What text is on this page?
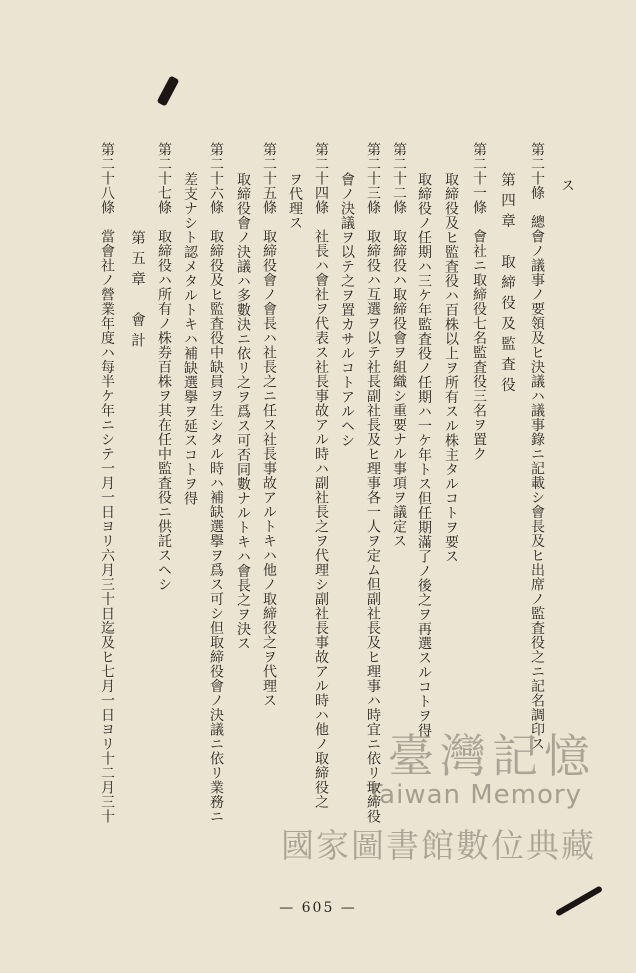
ス
第二十條　總會ノ議事ノ要領及ヒ決議ハ議事錄ニ記載シ會長及ヒ出席ノ監査役之ニ記名調印ス
第四章　取締役及監査役
第二十一條　會社ニ取締役七名監査役三名ヲ置ク
取締役及ヒ監査役ハ百株以上ヲ所有スル株主タルコトヲ要ス
取締役ノ任期ハ三ケ年監査役ノ任期ハ一ケ年トス但任期滿了ノ後之ヲ再選スルコトヲ得
第二十二條　取締役ハ取締役會ヲ組織シ重要ナル事項ヲ議定ス
第二十三條　取締役ハ互選ヲ以テ社長副社長及ヒ理事各一人ヲ定ム但副社長及ヒ理事ハ時宜ニ依リ取締役
會ノ決議ヲ以テ之ヲ置カサルコトアルヘシ
第二十四條　社長ハ會社ヲ代表ス社長事故アル時ハ副社長之ヲ代理シ副社長事故アル時ハ他ノ取締役之
ヲ代理ス
第二十五條　取締役會ノ會長ハ社長之ニ任ス社長事故アルトキハ他ノ取締役之ヲ代理ス
取締役會ノ決議ハ多數決ニ依リ之ヲ爲ス可否同數ナルトキハ會長之ヲ決ス
第二十六條　取締役及ヒ監査役中缺員ヲ生シタル時ハ補缺選擧ヲ爲ス可シ但取締役會ノ決議ニ依リ業務ニ
差支ナシト認メタルトキハ補缺選擧ヲ延スコトヲ得
第二十七條　取締役ハ所有ノ株券百株ヲ其在任中監査役ニ供託スヘシ
第五章　會計
第二十八條　當會社ノ營業年度ハ每半ケ年ニシテ一月一日ヨリ六月三十日迄及ヒ七月一日ヨリ十二月三十	臺灣記憶
Taiwan Memory
國家圖書館數位典藏
— 605 —
